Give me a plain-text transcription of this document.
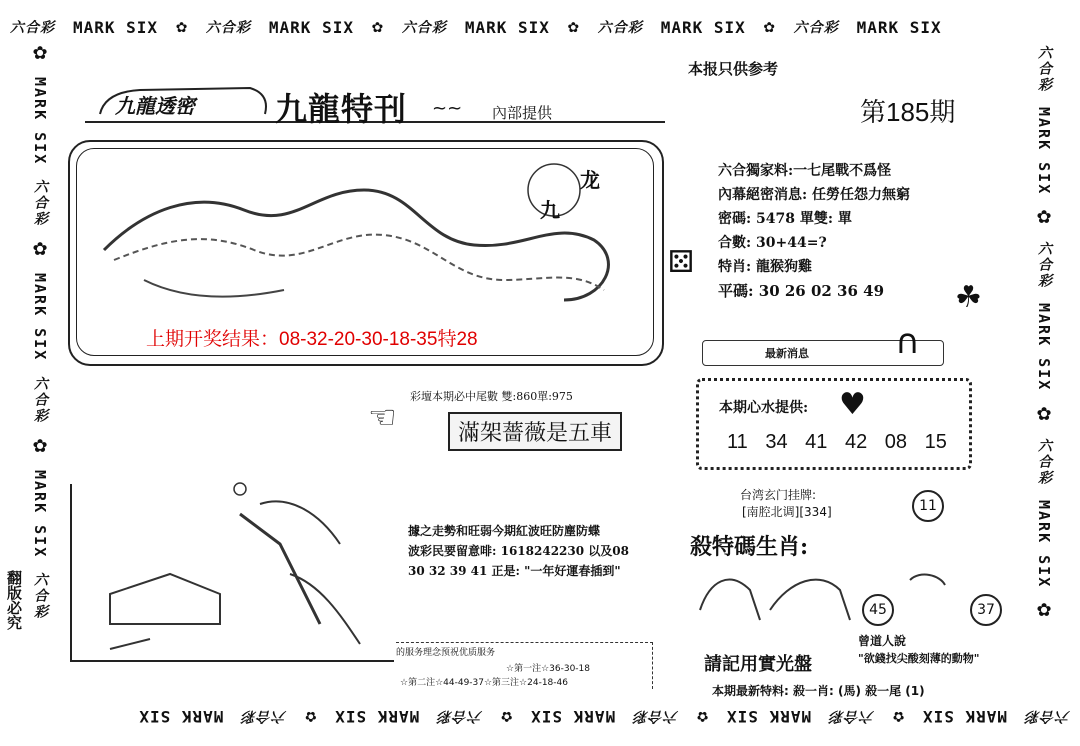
六合彩 MARK SIX ✿ 六合彩 MARK SIX ✿ 六合彩 MARK SIX ✿ 六合彩 MARK SIX ✿ 六合彩 MARK SIX
六合彩
MARK SIX
✿
六合彩
MARK SIX
✿
六合彩
MARK SIX
✿
六合彩
MARK SIX
✿
六合彩
MARK SIX
✿
MARK SIX
六合彩
✿
MARK SIX
六合彩
✿
MARK SIX
六合彩
六合彩
MARK SIX
✿
六合彩
MARK SIX
✿
六合彩
MARK SIX
✿
翻版必究
本报只供参考
第185期
九龍透密	九龍特刊 ~~ 內部提供
龙
九
上期开奖结果：08-32-20-30-18-35特28
六合獨家料:一七尾戰不爲怪
內幕絕密消息: 任勞任怨力無窮
密碼: 5478 單雙: 單
合數: 30+44=?
特肖: 龍猴狗雞
平碼: 30 26 02 36 49
⚄
☘
彩壇本期必中尾數 雙:860單:975
☜	滿架薔薇是五車
最新消息	∩
本期心水提供: ♥
11 34 41 42 08 15
台湾玄门挂牌:
[南腔北调][334]	11
殺特碼生肖:
45	37
曾道人說
"欲錢找尖酸刻薄的動物"
請記用實光盤
本期最新特料: 殺一肖: (馬) 殺一尾 (1)
據之走勢和旺弱今期紅波旺防塵防蝶
波彩民要留意啡: 1618242230 以及08
30 32 39 41 正是: "一年好運春插到"
的服务理念预祝优质服务
☆第一注☆36-30-18
☆第二注☆44-49-37☆第三注☆24-18-46
